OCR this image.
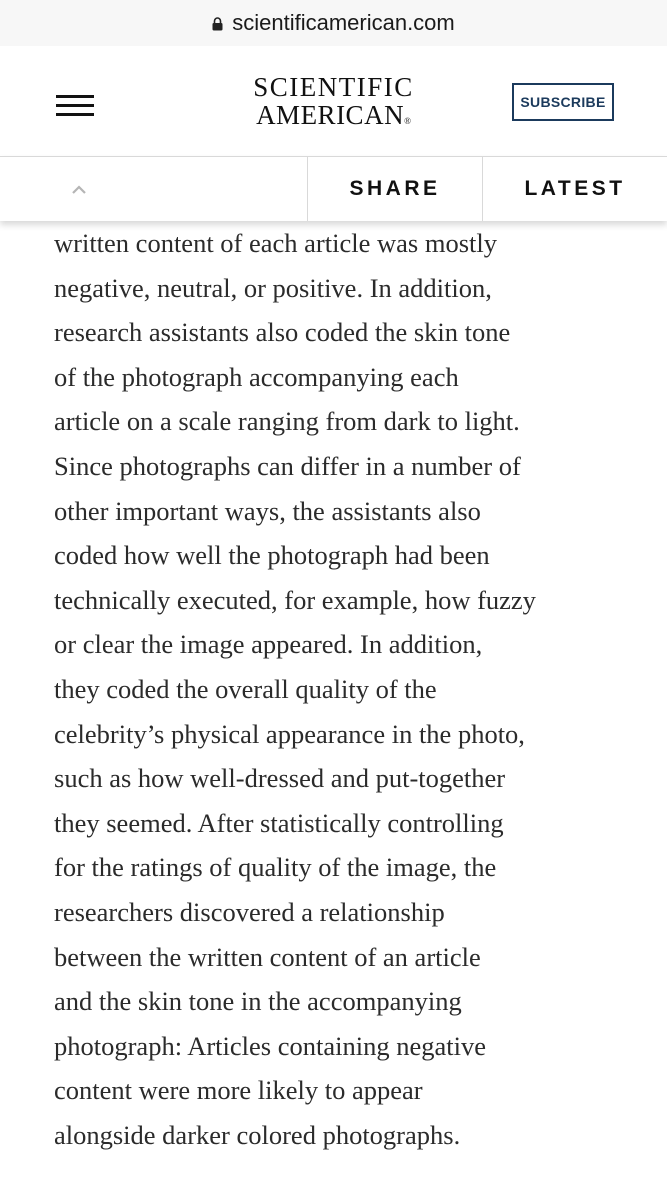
scientificamerican.com
SCIENTIFIC
AMERICAN®
SUBSCRIBE

SHARE	LATEST
written content of each article was mostly
negative, neutral, or positive. In addition,
research assistants also coded the skin tone
of the photograph accompanying each
article on a scale ranging from dark to light.
Since photographs can differ in a number of
other important ways, the assistants also
coded how well the photograph had been
technically executed, for example, how fuzzy
or clear the image appeared. In addition,
they coded the overall quality of the
celebrity’s physical appearance in the photo,
such as how well-dressed and put-together
they seemed. After statistically controlling
for the ratings of quality of the image, the
researchers discovered a relationship
between the written content of an article
and the skin tone in the accompanying
photograph: Articles containing negative
content were more likely to appear
alongside darker colored photographs.
